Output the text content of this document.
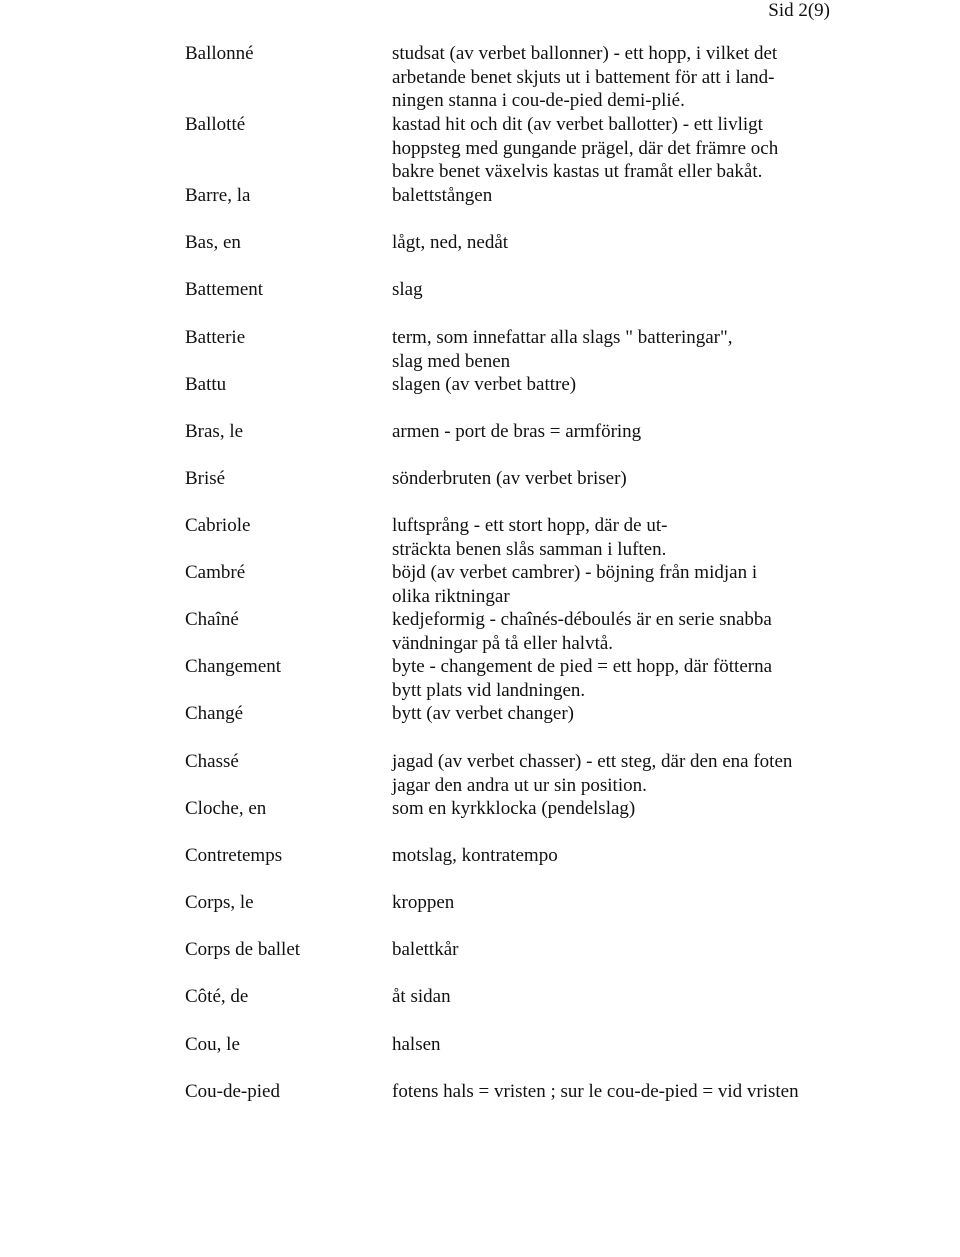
Sid 2(9)
Ballonné	studsat (av verbet ballonner) - ett hopp, i vilket det
arbetande benet skjuts ut i battement för att i land-
ningen stanna i cou-de-pied demi-plié.
Ballotté	kastad hit och dit (av verbet ballotter) - ett livligt
hoppsteg med gungande prägel, där det främre och
bakre benet växelvis kastas ut framåt eller bakåt.
Barre, la	balettstången
Bas, en	lågt, ned, nedåt
Battement	slag
Batterie	term, som innefattar alla slags " batteringar",
slag med benen
Battu	slagen (av verbet battre)
Bras, le	armen - port de bras = armföring
Brisé	sönderbruten (av verbet briser)
Cabriole	luftsprång - ett stort hopp, där de ut-
sträckta benen slås samman i luften.
Cambré	böjd (av verbet cambrer) - böjning från midjan i
olika riktningar
Chaîné	kedjeformig - chaînés-déboulés är en serie snabba
vändningar på tå eller halvtå.
Changement	byte - changement de pied = ett hopp, där fötterna
bytt plats vid landningen.
Changé	bytt (av verbet changer)
Chassé	jagad (av verbet chasser) - ett steg, där den ena foten
jagar den andra ut ur sin position.
Cloche, en	som en kyrkklocka (pendelslag)
Contretemps	motslag, kontratempo
Corps, le	kroppen
Corps de ballet	balettkår
Côté, de	åt sidan
Cou, le	halsen
Cou-de-pied	fotens hals = vristen ; sur le cou-de-pied = vid vristen
